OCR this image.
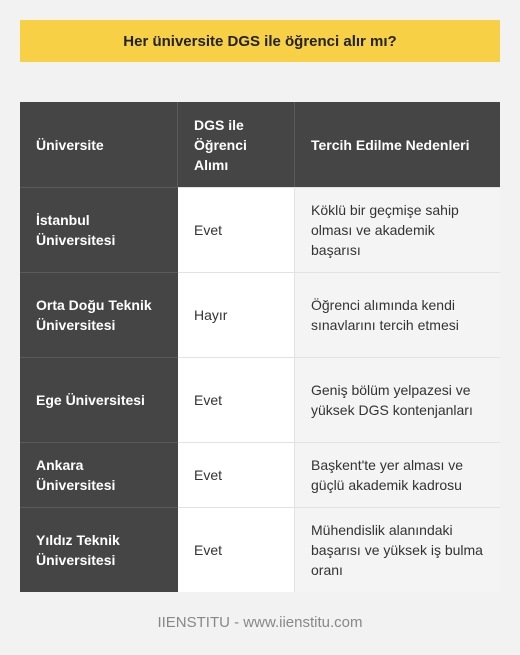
Her üniversite DGS ile öğrenci alır mı?
Üniversite
DGS ile Öğrenci Alımı
Tercih Edilme Nedenleri
İstanbul Üniversitesi
Evet
Köklü bir geçmişe sahip olması ve akademik başarısı
Orta Doğu Teknik Üniversitesi
Hayır
Öğrenci alımında kendi sınavlarını tercih etmesi
Ege Üniversitesi	Evet
Geniş bölüm yelpazesi ve yüksek DGS kontenjanları
Ankara Üniversitesi
Evet
Başkent'te yer alması ve güçlü akademik kadrosu
Yıldız Teknik Üniversitesi
Evet
Mühendislik alanındaki başarısı ve yüksek iş bulma oranı
IIENSTITU - www.iienstitu.com
